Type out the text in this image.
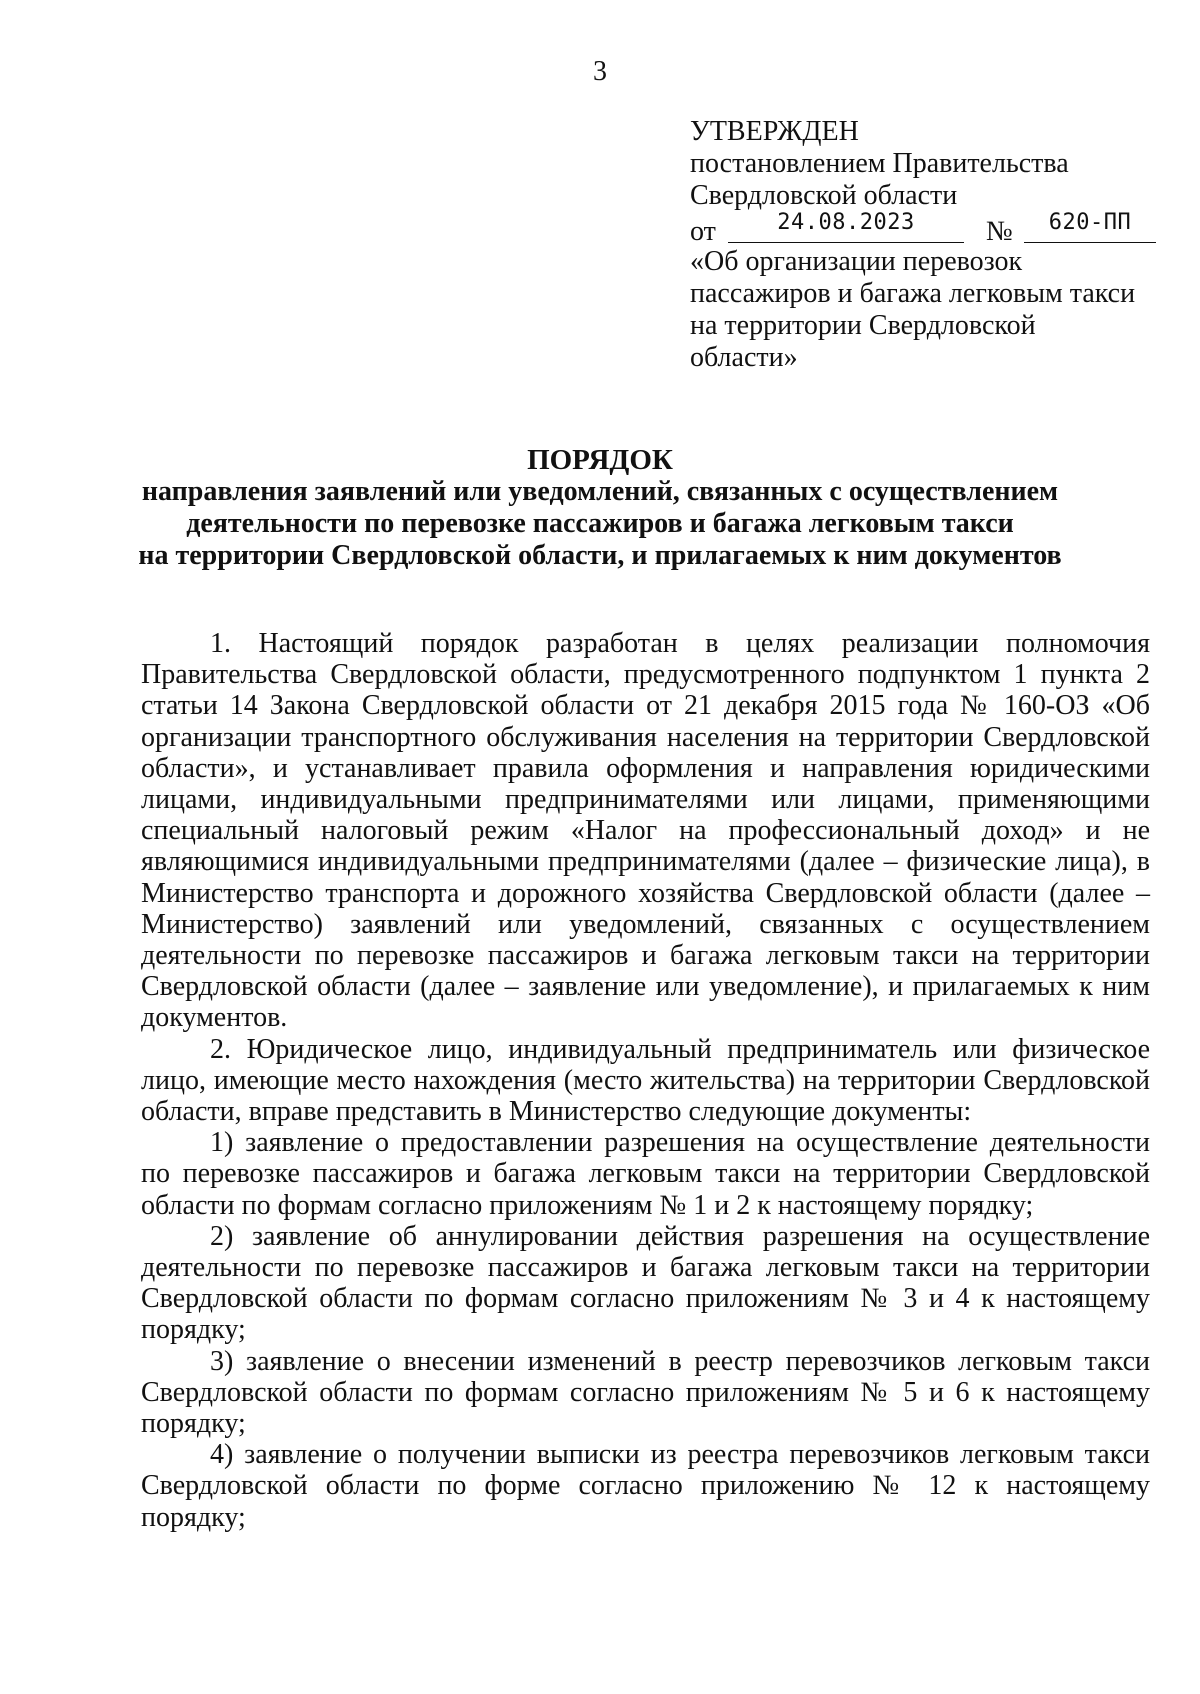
3
УТВЕРЖДЕН
постановлением Правительства
Свердловской области
от	24.08.2023	№	620-ПП
«Об организации перевозок
пассажиров и багажа легковым такси
на территории Свердловской
области»
ПОРЯДОК
направления заявлений или уведомлений, связанных с осуществлением
деятельности по перевозке пассажиров и багажа легковым такси
на территории Свердловской области, и прилагаемых к ним документов

1. Настоящий порядок разработан в целях реализации полномочия Правительства Свердловской области, предусмотренного подпунктом 1 пункта 2 статьи 14 Закона Свердловской области от 21 декабря 2015 года № 160-ОЗ «Об организации транспортного обслуживания населения на территории Свердловской области», и устанавливает правила оформления и направления юридическими лицами, индивидуальными предпринимателями или лицами, применяющими специальный налоговый режим «Налог на профессиональный доход» и не являющимися индивидуальными предпринимателями (далее – физические лица), в Министерство транспорта и дорожного хозяйства Свердловской области (далее – Министерство) заявлений или уведомлений, связанных с осуществлением деятельности по перевозке пассажиров и багажа легковым такси на территории Свердловской области (далее – заявление или уведомление), и прилагаемых к ним документов.

2. Юридическое лицо, индивидуальный предприниматель или физическое лицо, имеющие место нахождения (место жительства) на территории Свердловской области, вправе представить в Министерство следующие документы:

1) заявление о предоставлении разрешения на осуществление деятельности по перевозке пассажиров и багажа легковым такси на территории Свердловской области по формам согласно приложениям № 1 и 2 к настоящему порядку;

2) заявление об аннулировании действия разрешения на осуществление деятельности по перевозке пассажиров и багажа легковым такси на территории Свердловской области по формам согласно приложениям № 3 и 4 к настоящему порядку;

3) заявление о внесении изменений в реестр перевозчиков легковым такси Свердловской области по формам согласно приложениям № 5 и 6 к настоящему порядку;

4) заявление о получении выписки из реестра перевозчиков легковым такси Свердловской области по форме согласно приложению № 12 к настоящему порядку;
